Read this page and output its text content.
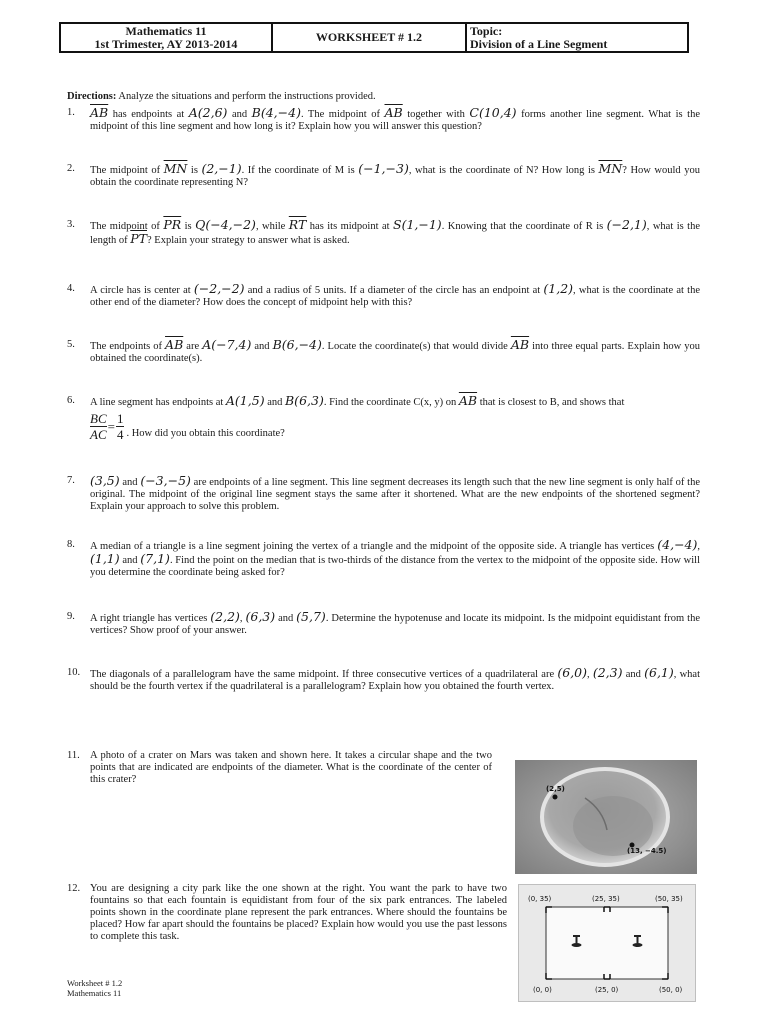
Mathematics 11
1st Trimester, AY 2013-2014	WORKSHEET # 1.2	Topic:
Division of a Line Segment
Directions: Analyze the situations and perform the instructions provided.
1. $\overline{AB}$ has endpoints at A(2,6) and B(4,−4). The midpoint of $\overline{AB}$ together with C(10,4) forms another line segment. What is the midpoint of this line segment and how long is it? Explain how you will answer this question?
2. The midpoint of $\overline{MN}$ is (2,−1). If the coordinate of M is (−1,−3), what is the coordinate of N? How long is $\overline{MN}$? How would you obtain the coordinate representing N?
3. The midpoint of $\overline{PR}$ is Q(−4,−2), while $\overline{RT}$ has its midpoint at S(1,−1). Knowing that the coordinate of R is (−2,1), what is the length of $\overline{PT}$? Explain your strategy to answer what is asked.
4. A circle has is center at (−2,−2) and a radius of 5 units. If a diameter of the circle has an endpoint at (1,2), what is the coordinate at the other end of the diameter? How does the concept of midpoint help with this?
5. The endpoints of $\overline{AB}$ are A(−7,4) and B(6,−4). Locate the coordinate(s) that would divide $\overline{AB}$ into three equal parts. Explain how you obtained the coordinate(s).
6. A line segment has endpoints at A(1,5) and B(6,3). Find the coordinate C(x, y) on $\overline{AB}$ that is closest to B, and shows that
$\frac{BC}{AC} = \frac{1}{4}$ . How did you obtain this coordinate?
7. (3,5) and (−3,−5) are endpoints of a line segment. This line segment decreases its length such that the new line segment is only half of the original. The midpoint of the original line segment stays the same after it shortened. What are the new endpoints of the shortened segment? Explain your approach to solve this problem.
8. A median of a triangle is a line segment joining the vertex of a triangle and the midpoint of the opposite side. A triangle has vertices (4,−4), (1,1) and (7,1). Find the point on the median that is two-thirds of the distance from the vertex to the midpoint of the opposite side. How will you determine the coordinate being asked for?
9. A right triangle has vertices (2,2), (6,3) and (5,7). Determine the hypotenuse and locate its midpoint. Is the midpoint equidistant from the vertices? Show proof of your answer.
10. The diagonals of a parallelogram have the same midpoint. If three consecutive vertices of a quadrilateral are (6,0), (2,3) and (6,1), what should be the fourth vertex if the quadrilateral is a parallelogram? Explain how you obtained the fourth vertex.
11. A photo of a crater on Mars was taken and shown here. It takes a circular shape and the two points that are indicated are endpoints of the diameter. What is the coordinate of the center of this crater?
(2,5)
(13, −4.5)
12. You are designing a city park like the one shown at the right. You want the park to have two fountains so that each fountain is equidistant from four of the six park entrances. The labeled points shown in the coordinate plane represent the park entrances. Where should the fountains be placed? How far apart should the fountains be placed? Explain how would you use the past lessons to complete this task.
(0, 35)	(25, 35)	(50, 35)
(0, 0)	(25, 0)	(50, 0)
Worksheet # 1.2
Mathematics 11
